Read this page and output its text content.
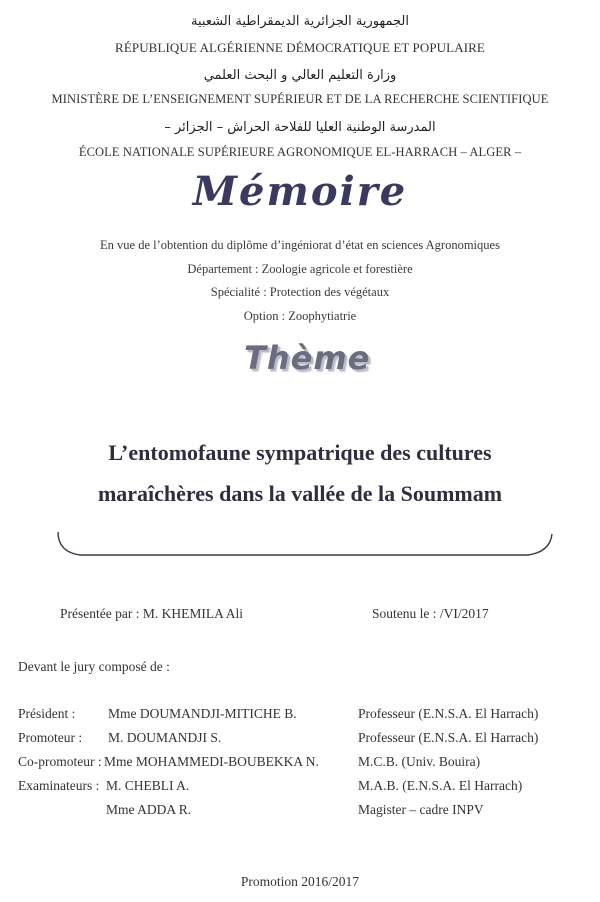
الجمهورية الجزائرية الديمقراطية الشعبية
RÉPUBLIQUE ALGÉRIENNE DÉMOCRATIQUE ET POPULAIRE
وزارة التعليم العالي و البحث العلمي
MINISTÈRE DE L’ENSEIGNEMENT SUPÉRIEUR ET DE LA RECHERCHE SCIENTIFIQUE
المدرسة الوطنية العليا للفلاحة الحراش – الجزائر –
ÉCOLE NATIONALE SUPÉRIEURE AGRONOMIQUE EL-HARRACH – ALGER –
Mémoire
En vue de l’obtention du diplôme d’ingéniorat d’état en sciences Agronomiques
Département : Zoologie agricole et forestière
Spécialité : Protection des végétaux
Option : Zoophytiatrie
Thème
L’entomofaune sympatrique des cultures
maraîchères dans la vallée de la Soummam
Présentée par : M. KHEMILA Ali	Soutenu le : /VI/2017
Devant le jury composé de :
Président : Mme DOUMANDJI-MITICHE B.	Professeur (E.N.S.A. El Harrach)
Promoteur : M. DOUMANDJI S.	Professeur (E.N.S.A. El Harrach)
Co-promoteur : Mme MOHAMMEDI-BOUBEKKA N.	M.C.B. (Univ. Bouira)
Examinateurs : M. CHEBLI A.	M.A.B. (E.N.S.A. El Harrach)
Mme ADDA R.	Magister – cadre INPV
Promotion 2016/2017
